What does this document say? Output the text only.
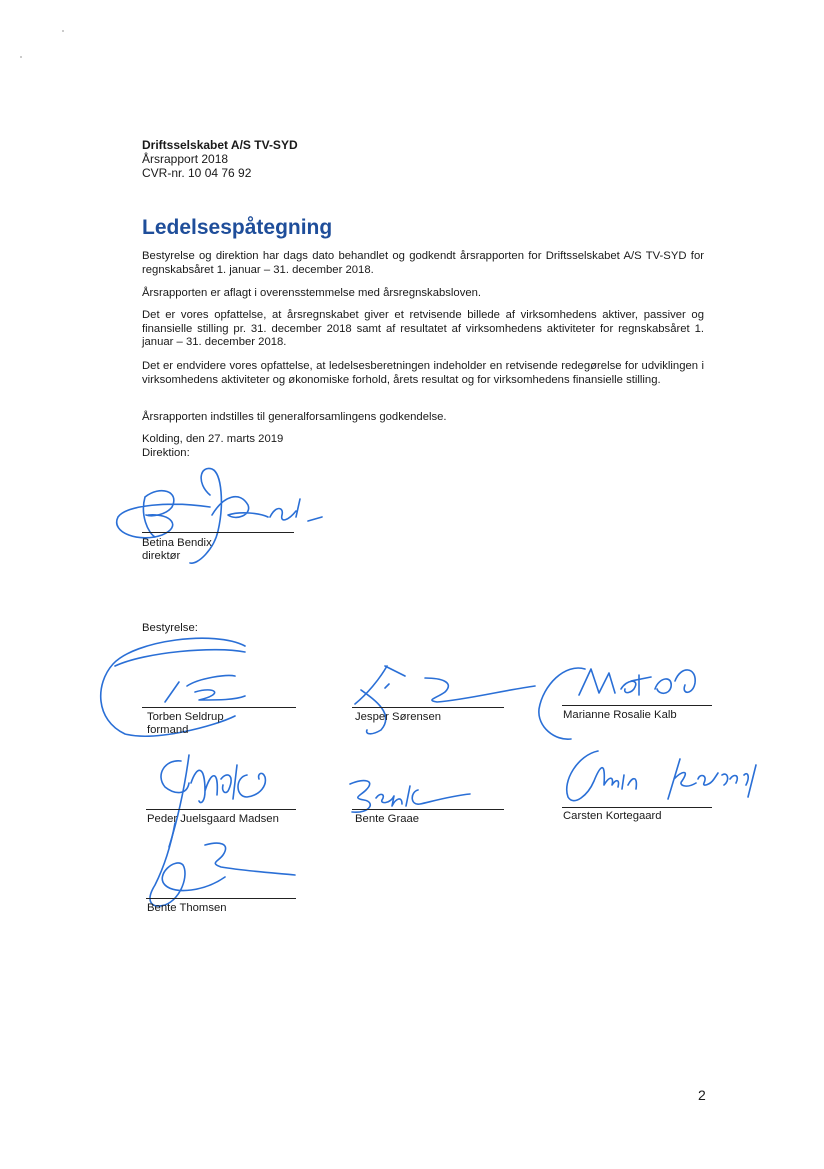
Driftsselskabet A/S TV-SYD
Årsrapport 2018
CVR-nr. 10 04 76 92
Ledelsespåtegning

Bestyrelse og direktion har dags dato behandlet og godkendt årsrapporten for Driftsselskabet A/S TV-SYD for regnskabsåret 1. januar – 31. december 2018.

Årsrapporten er aflagt i overensstemmelse med årsregnskabsloven.

Det er vores opfattelse, at årsregnskabet giver et retvisende billede af virksomhedens aktiver, passiver og finansielle stilling pr. 31. december 2018 samt af resultatet af virksomhedens aktiviteter for regnskabsåret 1. januar – 31. december 2018.

Det er endvidere vores opfattelse, at ledelsesberetningen indeholder en retvisende redegørelse for udviklingen i virksomhedens aktiviteter og økonomiske forhold, årets resultat og for virksomhedens finansielle stilling.

Årsrapporten indstilles til generalforsamlingens godkendelse.

Kolding, den 27. marts 2019
Direktion:
Betina Bendix
direktør
Bestyrelse:
Torben Seldrup
formand
Jesper Sørensen	Marianne Rosalie Kalb
Peder Juelsgaard Madsen	Bente Graae	Carsten Kortegaard
Bente Thomsen
2
